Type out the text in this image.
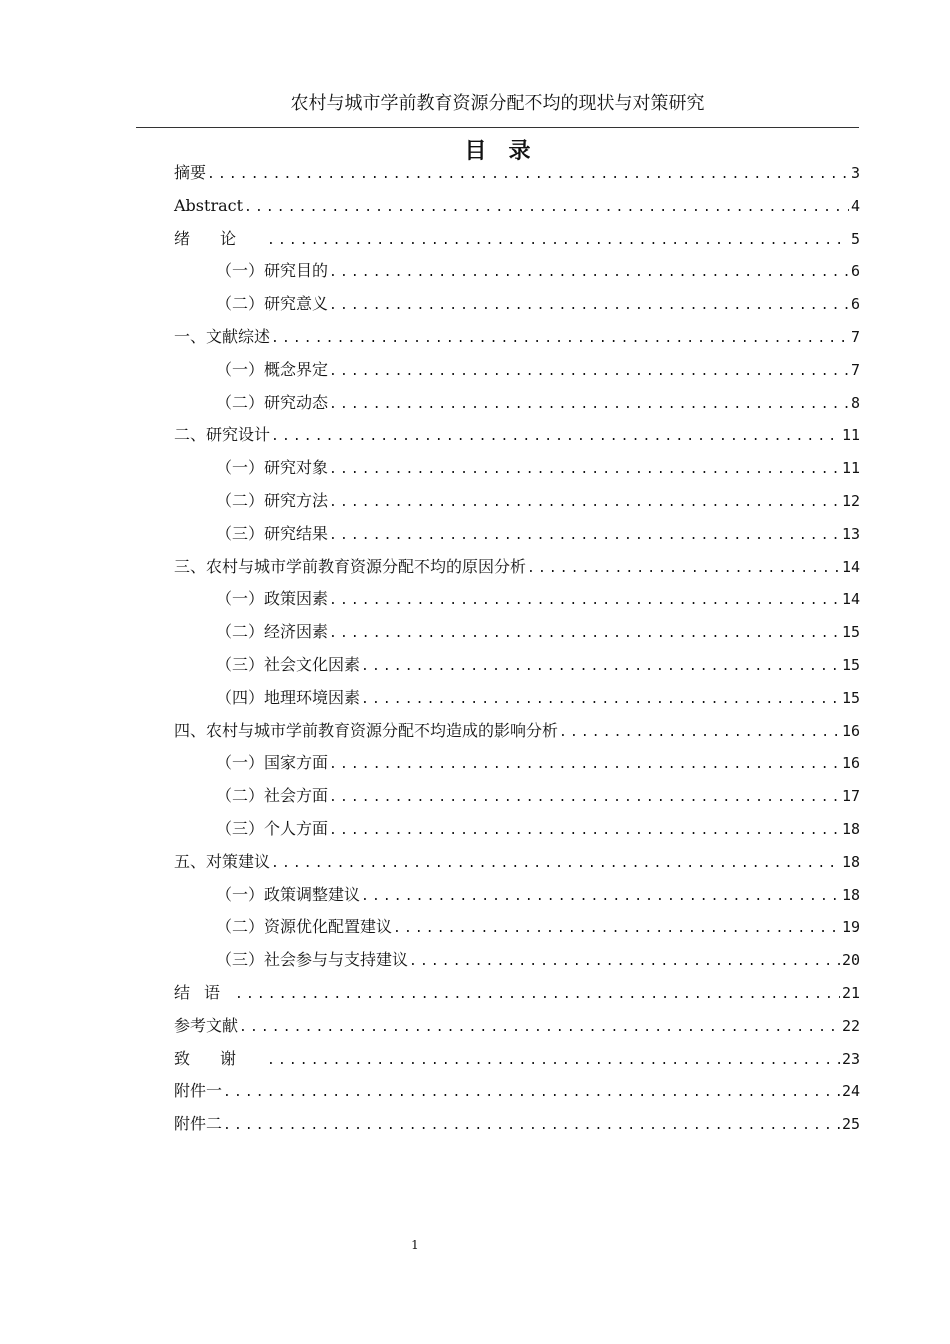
农村与城市学前教育资源分配不均的现状与对策研究
目录
摘要 .....	3
Abstract .....	4
绪论 .....	5
（一） 研究目的 .....	6
（二） 研究意义 .....	6
一、 文献综述 .....	7
（一） 概念界定 .....	7
（二） 研究动态 .....	8
二、 研究设计 .....	11
（一） 研究对象 .....	11
（二） 研究方法 .....	12
（三） 研究结果 .....	13
三、 农村与城市学前教育资源分配不均的原因分析 .....	14
（一） 政策因素 .....	14
（二） 经济因素 .....	15
（三） 社会文化因素 .....	15
（四） 地理环境因素 .....	15
四、 农村与城市学前教育资源分配不均造成的影响分析 .....	16
（一） 国家方面 .....	16
（二） 社会方面 .....	17
（三） 个人方面 .....	18
五、 对策建议 .....	18
（一） 政策调整建议 .....	18
（二） 资源优化配置建议 .....	19
（三） 社会参与与支持建议 .....	20
结语 .....	21
参考文献 .....	22
致谢 .....	23
附件一 .....	24
附件二 .....	25
1
